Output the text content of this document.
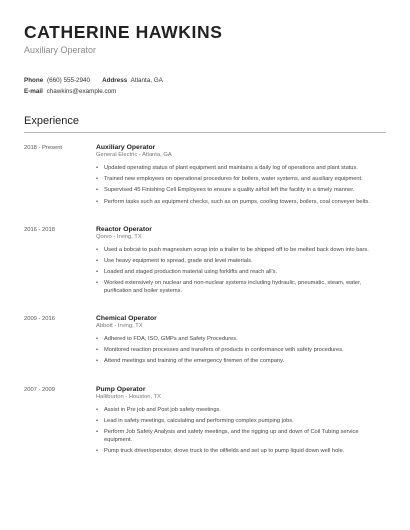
CATHERINE HAWKINS
Auxiliary Operator
Phone (660) 555-2940 Address Atlanta, GA
E-mail chawkins@example.com
Experience
2018 - Present	Auxiliary Operator
General Electric - Atlanta, GA
• Updated operating status of plant equipment and maintains a daily log of operations and plant status.
• Trained new employees on operational procedures for boilers, water systems, and auxiliary equipment.
• Supervised 45 Finishing Cell Employees to ensure a quality airfoil left the facility in a timely manner.
• Perform tasks such as equipment checks, such as on pumps, cooling towers, boilers, coal conveyer belts.
2016 - 2018	Reactor Operator
Qorvo - Irving, TX
• Used a bobcat to push magnesium scrap into a trailer to be shipped off to be melted back down into bars.
• Use heavy equipment to spread, grade and level materials.
• Loaded and staged production material using forklifts and reach all's.
• Worked extensively on nuclear and non-nuclear systems including hydraulic, pneumatic, steam, water, purification and boiler systems.
2009 - 2016	Chemical Operator
Abbott - Irving, TX
• Adhered to FDA, ISO, GMPs and Safety Procedures.
• Monitored reaction processes and transfers of products in conformance with safety procedures.
• Attend meetings and training of the emergency firemen of the company.
2007 - 2009	Pump Operator
Halliburton - Houston, TX
• Assist in Pre job and Post job safety meetings.
• Lead in safety meetings, calculating and performing complex pumping jobs.
• Perform Job Safety Analysis and safety meetings, and the rigging up and down of Coil Tubing service equipment.
• Pump truck driver/operator, drove truck to the oilfields and set up to pump liquid down well hole.
